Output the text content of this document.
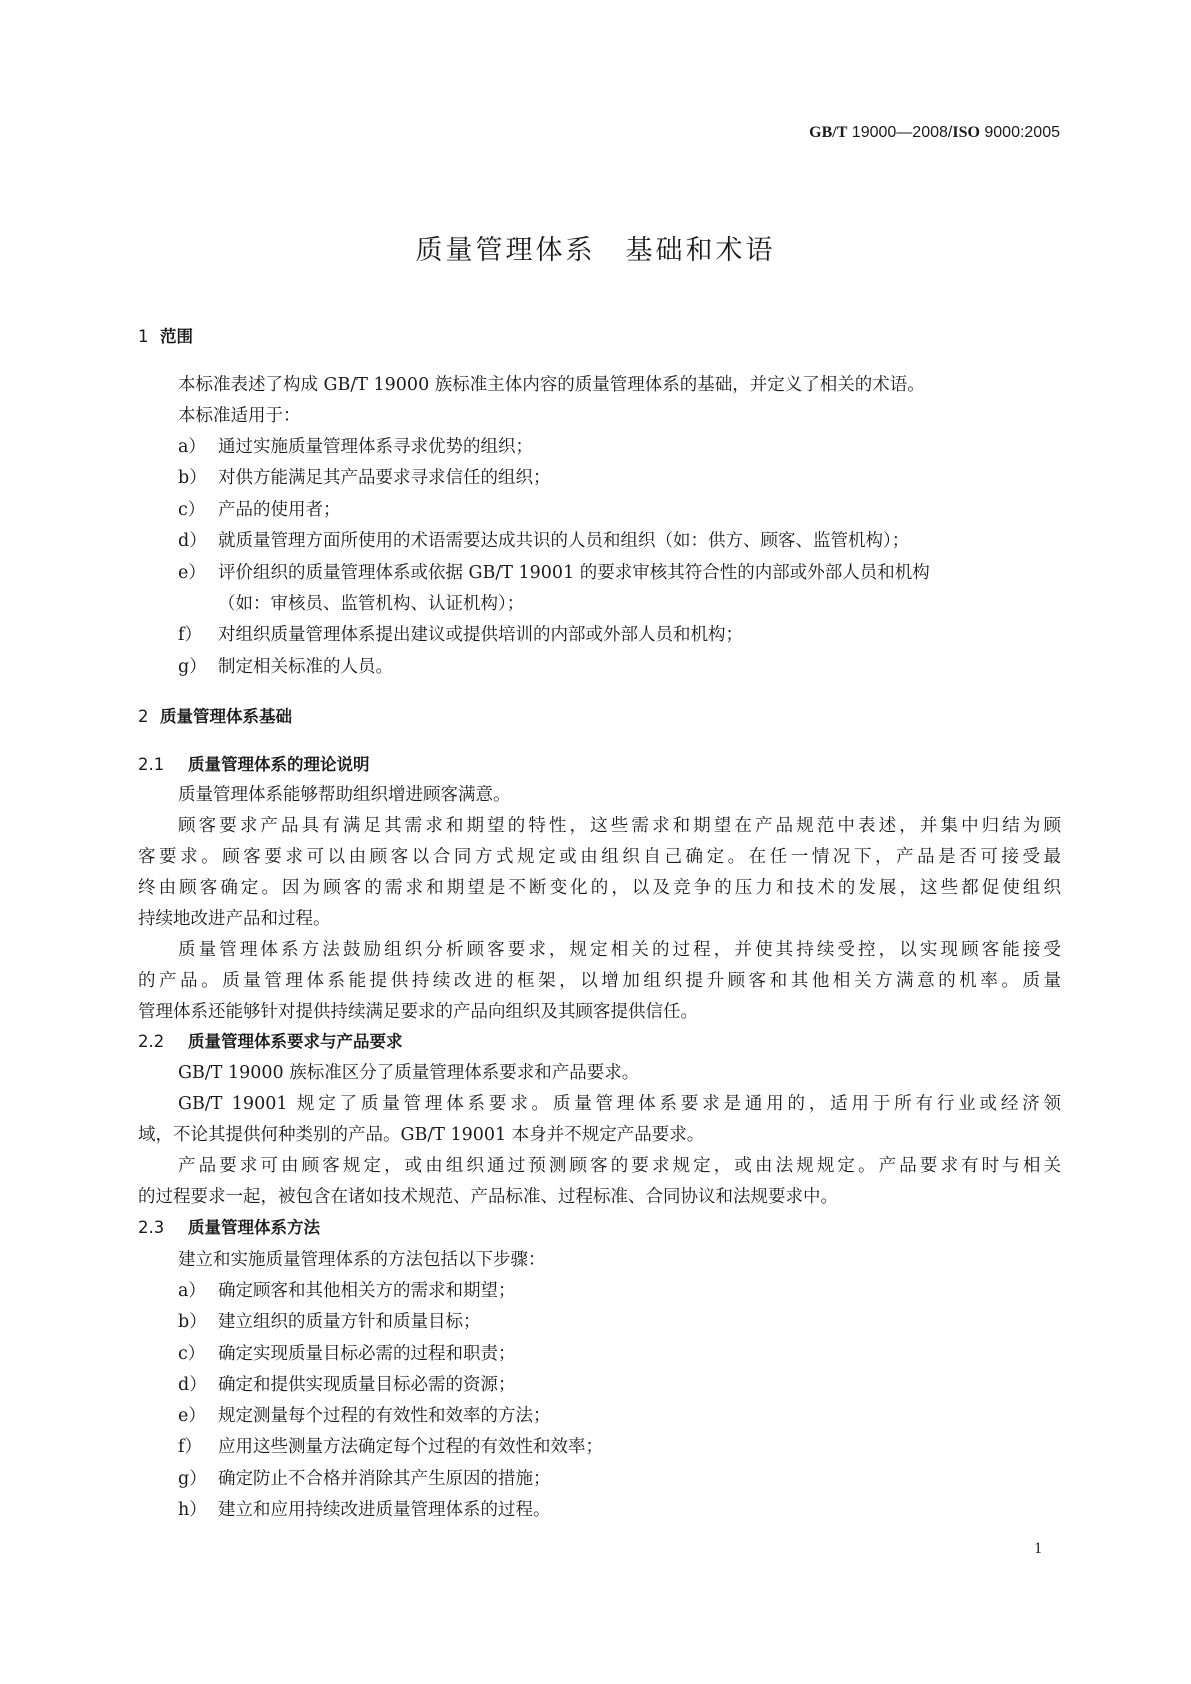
GB/T 19000—2008/ISO 9000:2005
质量管理体系　基础和术语
1 范围
本标准表述了构成 GB/T 19000 族标准主体内容的质量管理体系的基础，并定义了相关的术语。
本标准适用于：
a） 通过实施质量管理体系寻求优势的组织；
b） 对供方能满足其产品要求寻求信任的组织；
c） 产品的使用者；
d） 就质量管理方面所使用的术语需要达成共识的人员和组织（如：供方、顾客、监管机构）；
e） 评价组织的质量管理体系或依据 GB/T 19001 的要求审核其符合性的内部或外部人员和机构
（如：审核员、监管机构、认证机构）；
f） 对组织质量管理体系提出建议或提供培训的内部或外部人员和机构；
g） 制定相关标准的人员。
2 质量管理体系基础
2.1 质量管理体系的理论说明
质量管理体系能够帮助组织增进顾客满意。
顾客要求产品具有满足其需求和期望的特性，这些需求和期望在产品规范中表述，并集中归结为顾
客要求。顾客要求可以由顾客以合同方式规定或由组织自己确定。在任一情况下，产品是否可接受最
终由顾客确定。因为顾客的需求和期望是不断变化的，以及竞争的压力和技术的发展，这些都促使组织
持续地改进产品和过程。
质量管理体系方法鼓励组织分析顾客要求，规定相关的过程，并使其持续受控，以实现顾客能接受
的产品。质量管理体系能提供持续改进的框架，以增加组织提升顾客和其他相关方满意的机率。质量
管理体系还能够针对提供持续满足要求的产品向组织及其顾客提供信任。
2.2 质量管理体系要求与产品要求
GB/T 19000 族标准区分了质量管理体系要求和产品要求。
GB/T 19001 规定了质量管理体系要求。质量管理体系要求是通用的，适用于所有行业或经济领
域，不论其提供何种类别的产品。GB/T 19001 本身并不规定产品要求。
产品要求可由顾客规定，或由组织通过预测顾客的要求规定，或由法规规定。产品要求有时与相关
的过程要求一起，被包含在诸如技术规范、产品标准、过程标准、合同协议和法规要求中。
2.3 质量管理体系方法
建立和实施质量管理体系的方法包括以下步骤：
a） 确定顾客和其他相关方的需求和期望；
b） 建立组织的质量方针和质量目标；
c） 确定实现质量目标必需的过程和职责；
d） 确定和提供实现质量目标必需的资源；
e） 规定测量每个过程的有效性和效率的方法；
f） 应用这些测量方法确定每个过程的有效性和效率；
g） 确定防止不合格并消除其产生原因的措施；
h） 建立和应用持续改进质量管理体系的过程。
1
